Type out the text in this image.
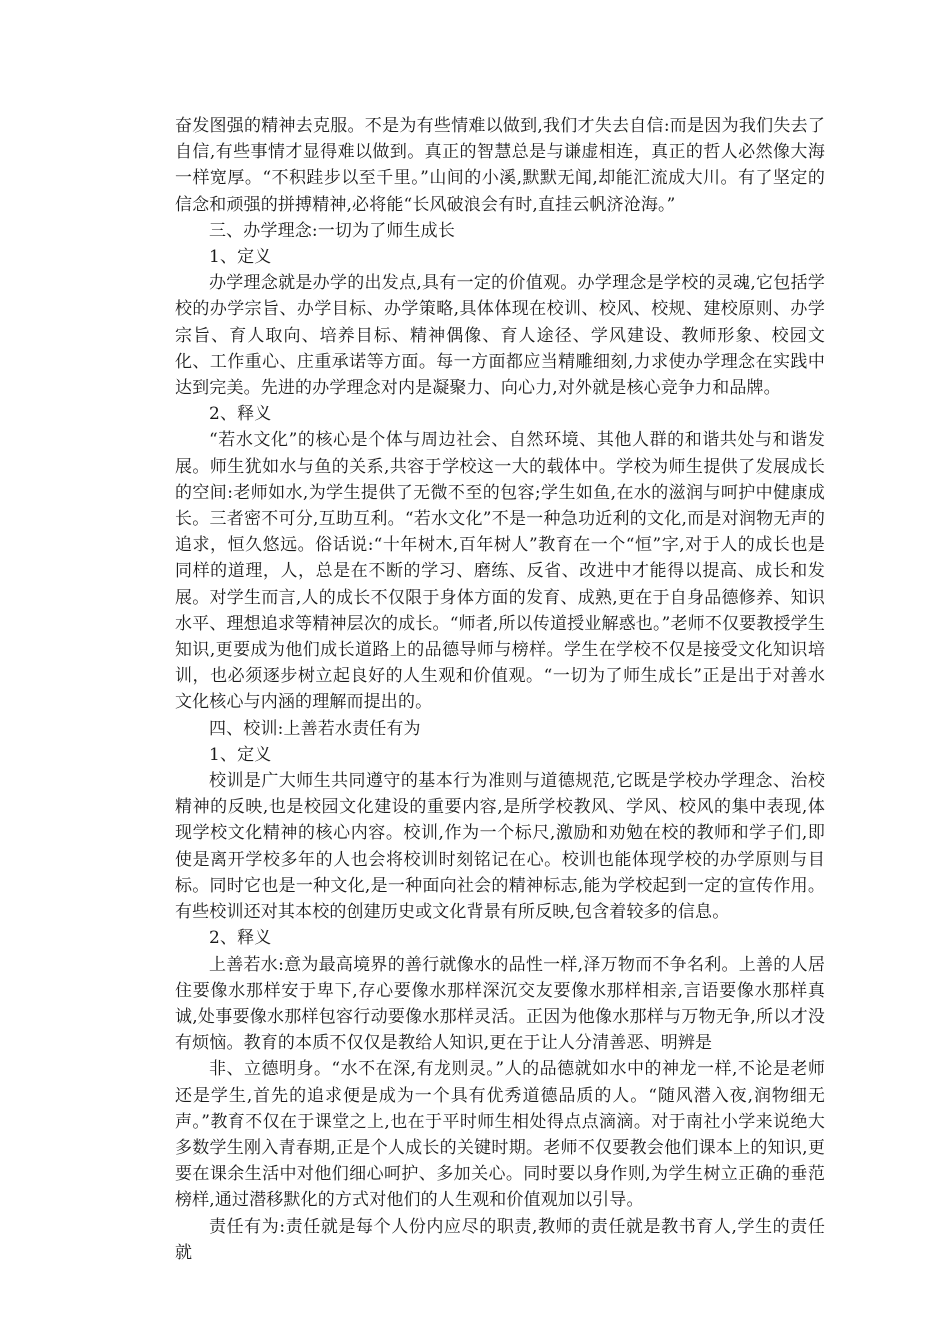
奋发图强的精神去克服。不是为有些情难以做到,我们才失去自信:而是因为我们失去了自信,有些事情才显得难以做到。真正的智慧总是与谦虚相连，真正的哲人必然像大海一样宽厚。“不积跬步以至千里。”山间的小溪,默默无闻,却能汇流成大川。有了坚定的信念和顽强的拼搏精神,必将能“长风破浪会有时,直挂云帆济沧海。”

三、办学理念:一切为了师生成长

1、定义

办学理念就是办学的出发点,具有一定的价值观。办学理念是学校的灵魂,它包括学校的办学宗旨、办学目标、办学策略,具体体现在校训、校风、校规、建校原则、办学宗旨、育人取向、培养目标、精神偶像、育人途径、学风建设、教师形象、校园文化、工作重心、庄重承诺等方面。每一方面都应当精雕细刻,力求使办学理念在实践中达到完美。先进的办学理念对内是凝聚力、向心力,对外就是核心竞争力和品牌。

2、释义

“若水文化”的核心是个体与周边社会、自然环境、其他人群的和谐共处与和谐发展。师生犹如水与鱼的关系,共容于学校这一大的载体中。学校为师生提供了发展成长的空间:老师如水,为学生提供了无微不至的包容;学生如鱼,在水的滋润与呵护中健康成长。三者密不可分,互助互利。“若水文化”不是一种急功近利的文化,而是对润物无声的追求，恒久悠远。俗话说:“十年树木,百年树人”教育在一个“恒”字,对于人的成长也是同样的道理，人，总是在不断的学习、磨练、反省、改进中才能得以提高、成长和发展。对学生而言,人的成长不仅限于身体方面的发育、成熟,更在于自身品德修养、知识水平、理想追求等精神层次的成长。“师者,所以传道授业解惑也。”老师不仅要教授学生知识,更要成为他们成长道路上的品德导师与榜样。学生在学校不仅是接受文化知识培训，也必须逐步树立起良好的人生观和价值观。“一切为了师生成长”正是出于对善水文化核心与内涵的理解而提出的。

四、校训:上善若水责任有为

1、定义

校训是广大师生共同遵守的基本行为准则与道德规范,它既是学校办学理念、治校精神的反映,也是校园文化建设的重要内容,是所学校教风、学风、校风的集中表现,体现学校文化精神的核心内容。校训,作为一个标尺,激励和劝勉在校的教师和学子们,即使是离开学校多年的人也会将校训时刻铭记在心。校训也能体现学校的办学原则与目标。同时它也是一种文化,是一种面向社会的精神标志,能为学校起到一定的宣传作用。有些校训还对其本校的创建历史或文化背景有所反映,包含着较多的信息。

2、释义

上善若水:意为最高境界的善行就像水的品性一样,泽万物而不争名利。上善的人居住要像水那样安于卑下,存心要像水那样深沉交友要像水那样相亲,言语要像水那样真诚,处事要像水那样包容行动要像水那样灵活。正因为他像水那样与万物无争,所以才没有烦恼。教育的本质不仅仅是教给人知识,更在于让人分清善恶、明辨是

非、立德明身。“水不在深,有龙则灵。”人的品德就如水中的神龙一样,不论是老师还是学生,首先的追求便是成为一个具有优秀道德品质的人。“随风潜入夜,润物细无声。”教育不仅在于课堂之上,也在于平时师生相处得点点滴滴。对于南社小学来说绝大多数学生刚入青春期,正是个人成长的关键时期。老师不仅要教会他们课本上的知识,更要在课余生活中对他们细心呵护、多加关心。同时要以身作则,为学生树立正确的垂范榜样,通过潜移默化的方式对他们的人生观和价值观加以引导。

责任有为:责任就是每个人份内应尽的职责,教师的责任就是教书育人,学生的责任就
